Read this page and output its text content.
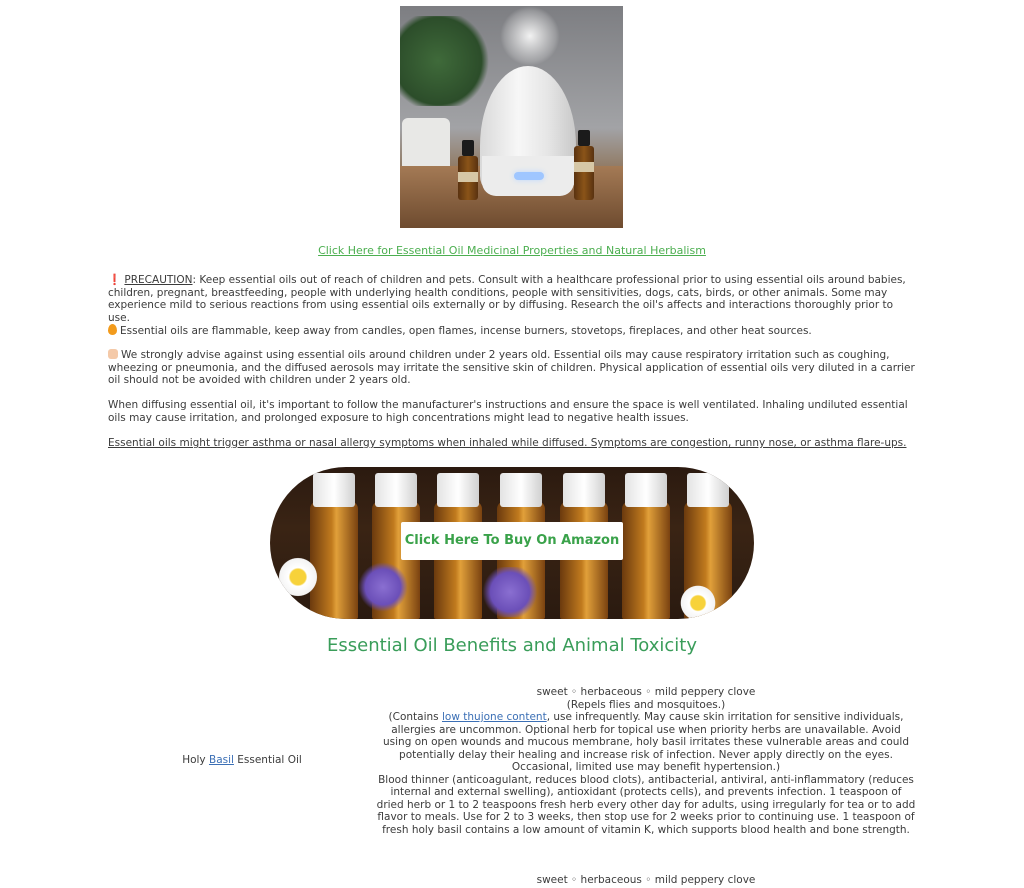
Click Here for Essential Oil Medicinal Properties and Natural Herbalism
❗ PRECAUTION: Keep essential oils out of reach of children and pets. Consult with a healthcare professional prior to using essential oils around babies, children, pregnant, breastfeeding, people with underlying health conditions, people with sensitivities, dogs, cats, birds, or other animals. Some may experience mild to serious reactions from using essential oils externally or by diffusing. Research the oil's affects and interactions thoroughly prior to use.
Essential oils are flammable, keep away from candles, open flames, incense burners, stovetops, fireplaces, and other heat sources.
We strongly advise against using essential oils around children under 2 years old. Essential oils may cause respiratory irritation such as coughing, wheezing or pneumonia, and the diffused aerosols may irritate the sensitive skin of children. Physical application of essential oils very diluted in a carrier oil should not be avoided with children under 2 years old.
When diffusing essential oil, it's important to follow the manufacturer's instructions and ensure the space is well ventilated. Inhaling undiluted essential oils may cause irritation, and prolonged exposure to high concentrations might lead to negative health issues.
Essential oils might trigger asthma or nasal allergy symptoms when inhaled while diffused. Symptoms are congestion, runny nose, or asthma flare-ups.
Click Here To Buy On Amazon
Essential Oil Benefits and Animal Toxicity
Holy Basil Essential Oil
sweet ◦ herbaceous ◦ mild peppery clove
(Repels flies and mosquitoes.)
(Contains low thujone content, use infrequently. May cause skin irritation for sensitive individuals, allergies are uncommon. Optional herb for topical use when priority herbs are unavailable. Avoid using on open wounds and mucous membrane, holy basil irritates these vulnerable areas and could potentially delay their healing and increase risk of infection. Never apply directly on the eyes. Occasional, limited use may benefit hypertension.)
Blood thinner (anticoagulant, reduces blood clots), antibacterial, antiviral, anti-inflammatory (reduces internal and external swelling), antioxidant (protects cells), and prevents infection. 1 teaspoon of dried herb or 1 to 2 teaspoons fresh herb every other day for adults, using irregularly for tea or to add flavor to meals. Use for 2 to 3 weeks, then stop use for 2 weeks prior to continuing use. 1 teaspoon of fresh holy basil contains a low amount of vitamin K, which supports blood health and bone strength.
sweet ◦ herbaceous ◦ mild peppery clove
